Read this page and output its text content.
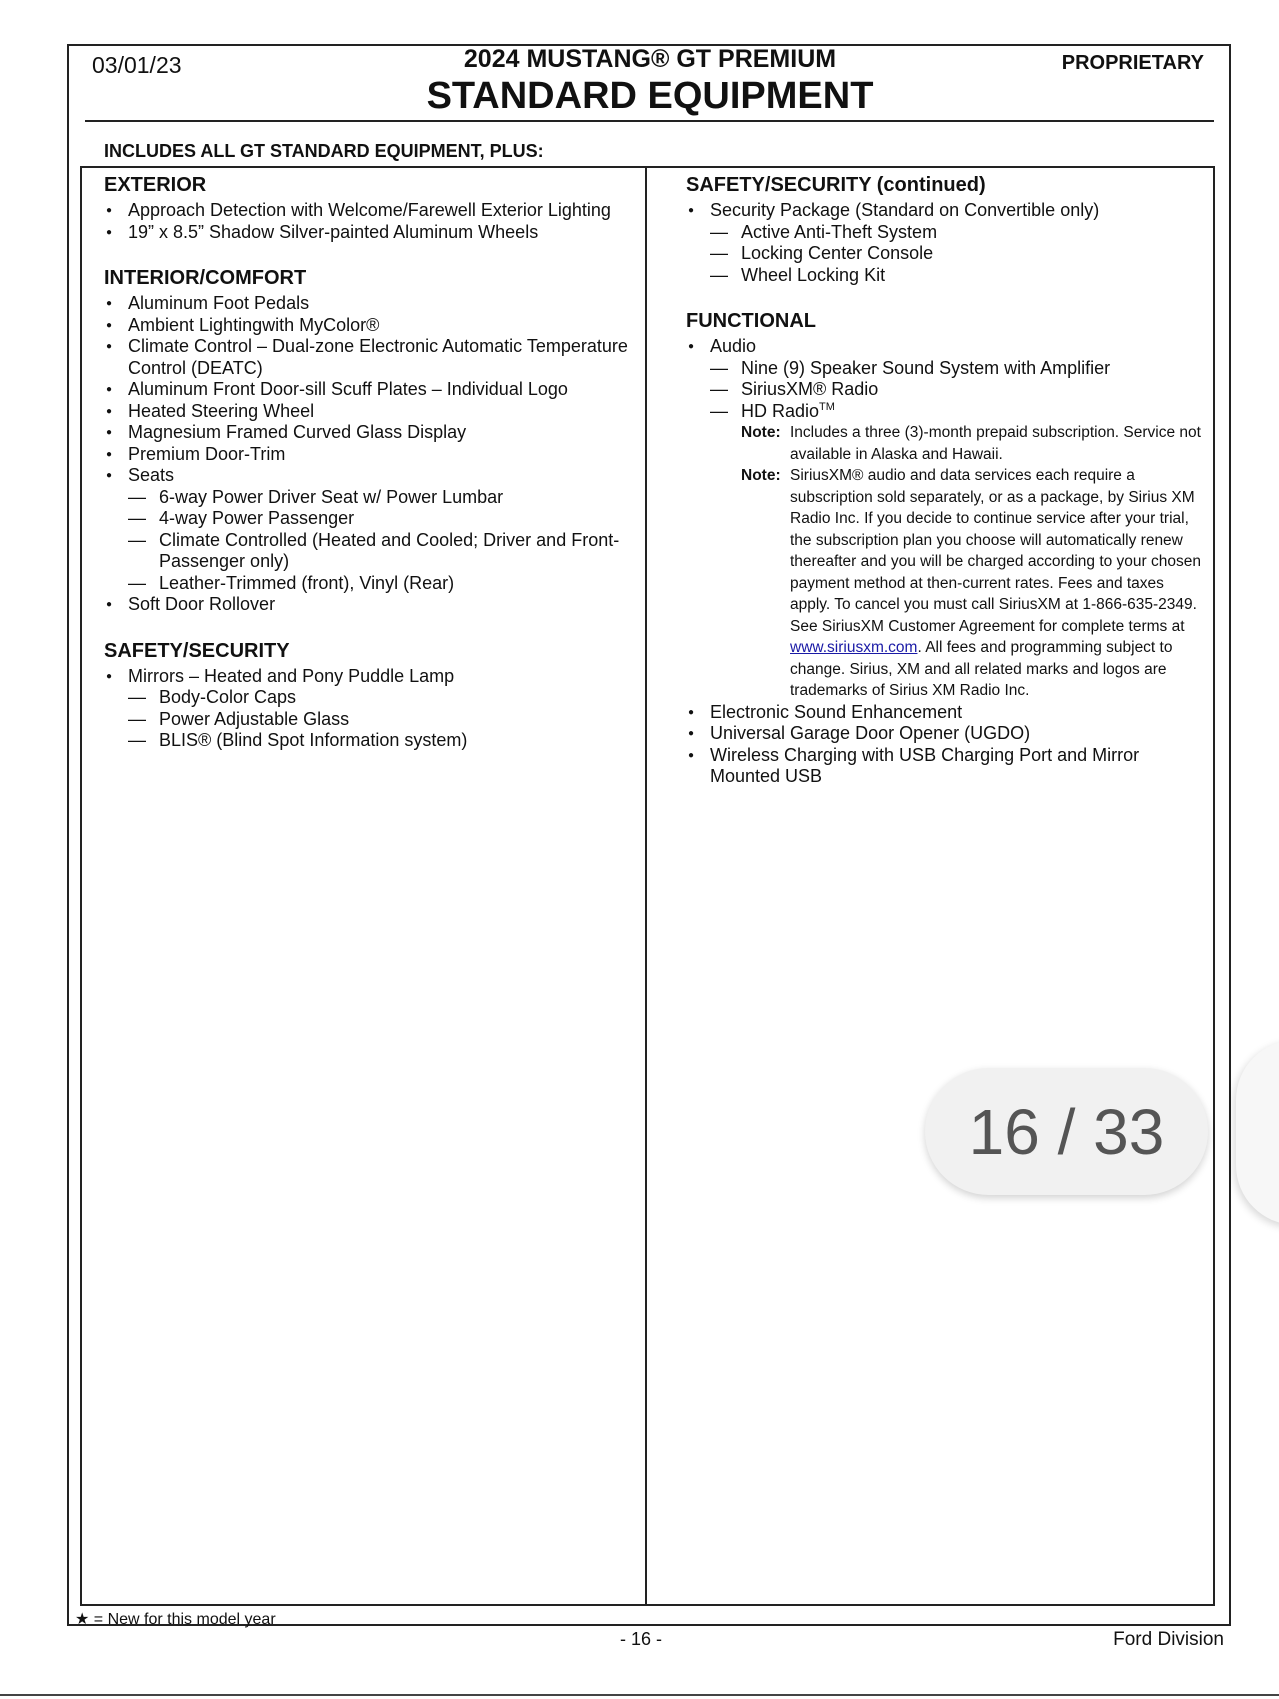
03/01/23	2024 MUSTANG® GT PREMIUM
STANDARD EQUIPMENT
PROPRIETARY
INCLUDES ALL GT STANDARD EQUIPMENT, PLUS:
EXTERIOR
● Approach Detection with Welcome/Farewell Exterior Lighting
● 19” x 8.5” Shadow Silver-painted Aluminum Wheels
INTERIOR/COMFORT
● Aluminum Foot Pedals
● Ambient Lightingwith MyColor®
● Climate Control – Dual-zone Electronic Automatic Temperature Control (DEATC)
● Aluminum Front Door-sill Scuff Plates – Individual Logo
● Heated Steering Wheel
● Magnesium Framed Curved Glass Display
● Premium Door-Trim
● Seats
— 6-way Power Driver Seat w/ Power Lumbar
— 4-way Power Passenger
— Climate Controlled (Heated and Cooled; Driver and Front-Passenger only)
— Leather-Trimmed (front), Vinyl (Rear)
● Soft Door Rollover
SAFETY/SECURITY
● Mirrors – Heated and Pony Puddle Lamp
— Body-Color Caps
— Power Adjustable Glass
— BLIS® (Blind Spot Information system)
SAFETY/SECURITY (continued)
● Security Package (Standard on Convertible only)
— Active Anti-Theft System
— Locking Center Console
— Wheel Locking Kit
FUNCTIONAL
● Audio
— Nine (9) Speaker Sound System with Amplifier
— SiriusXM® Radio
— HD Radio™
Note: Includes a three (3)-month prepaid subscription. Service not available in Alaska and Hawaii.
Note: SiriusXM® audio and data services each require a subscription sold separately, or as a package, by Sirius XM Radio Inc. If you decide to continue service after your trial, the subscription plan you choose will automatically renew thereafter and you will be charged according to your chosen payment method at then-current rates. Fees and taxes apply. To cancel you must call SiriusXM at 1-866-635-2349. See SiriusXM Customer Agreement for complete terms at www.siriusxm.com. All fees and programming subject to change. Sirius, XM and all related marks and logos are trademarks of Sirius XM Radio Inc.
● Electronic Sound Enhancement
● Universal Garage Door Opener (UGDO)
● Wireless Charging with USB Charging Port and Mirror Mounted USB
★ = New for this model year
- 16 -	Ford Division
16 / 33
